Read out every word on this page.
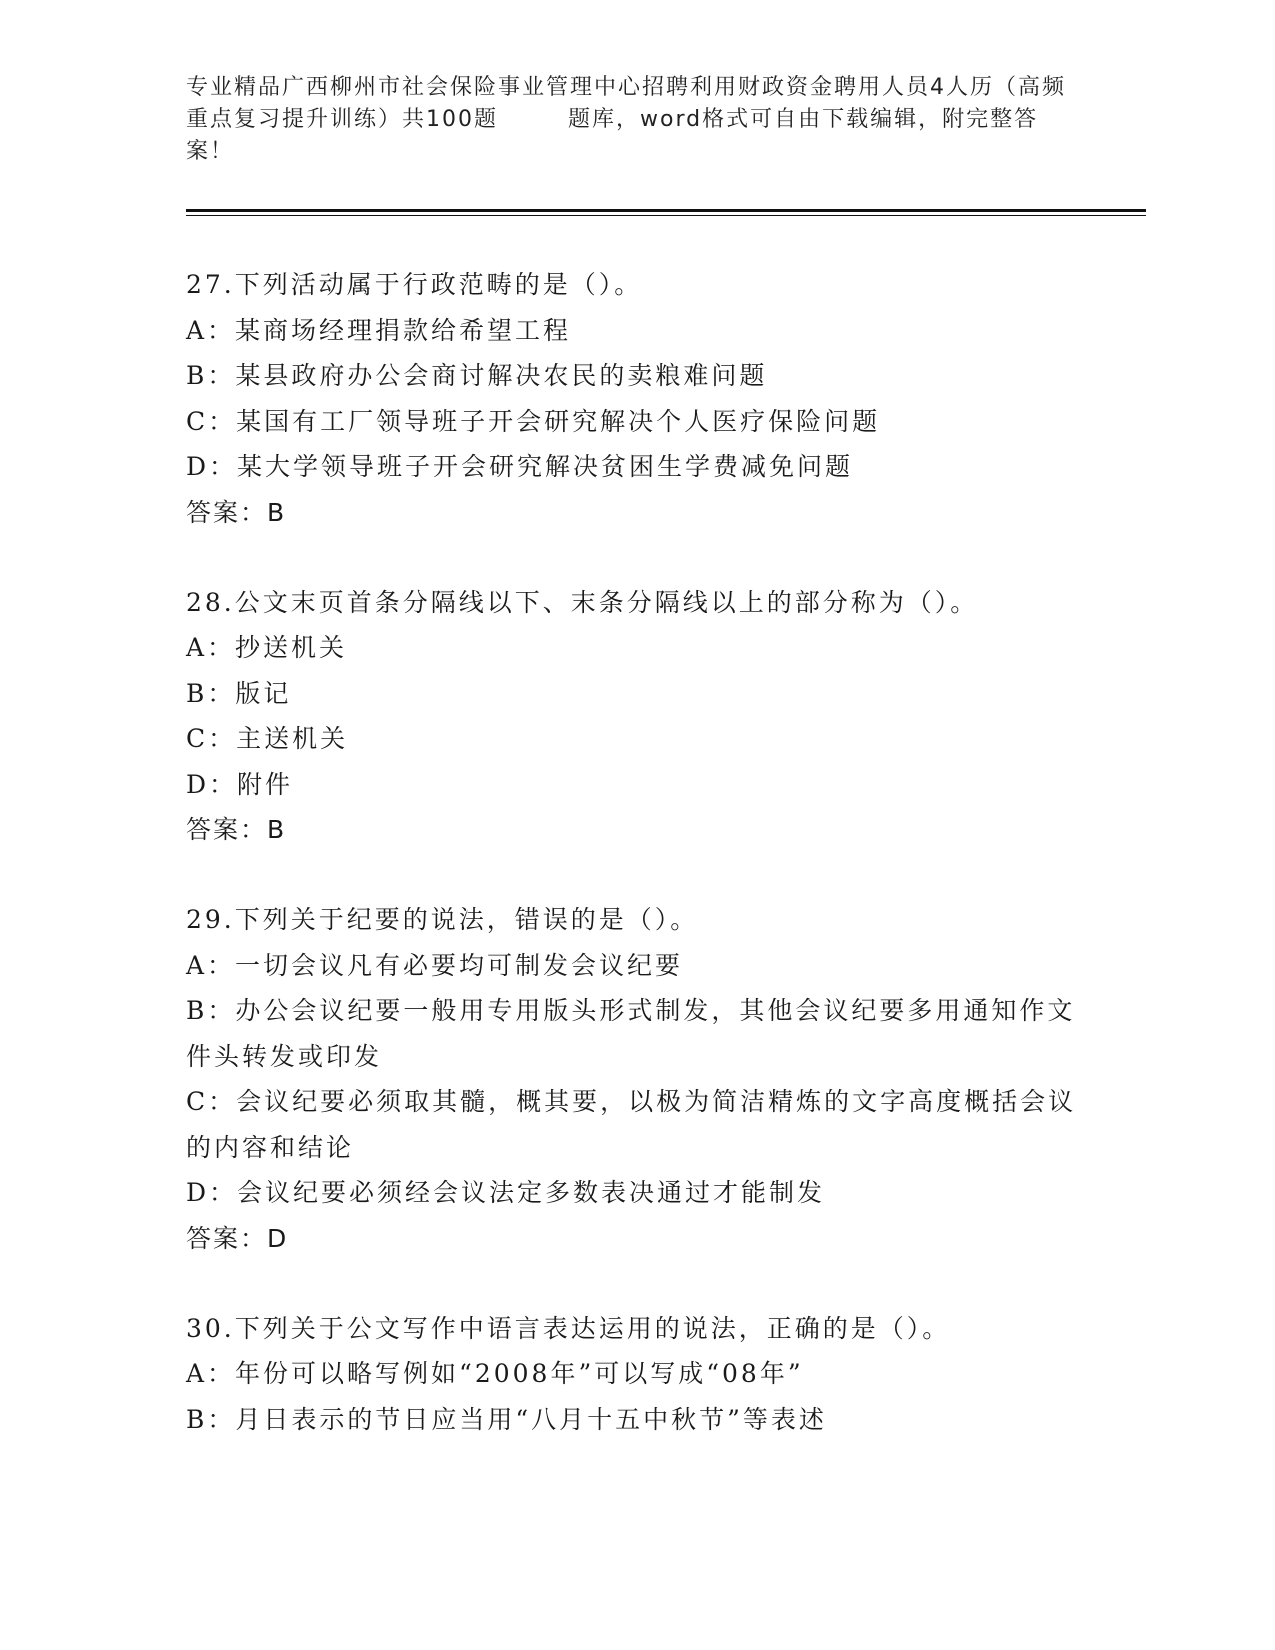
专业精品广西柳州市社会保险事业管理中心招聘利用财政资金聘用人员4人历（高频重点复习提升训练）共100题	题库，word格式可自由下载编辑，附完整答案！
27.下列活动属于行政范畴的是（）。
A：某商场经理捐款给希望工程
B：某县政府办公会商讨解决农民的卖粮难问题
C：某国有工厂领导班子开会研究解决个人医疗保险问题
D：某大学领导班子开会研究解决贫困生学费减免问题
答案：B
28.公文末页首条分隔线以下、末条分隔线以上的部分称为（）。
A：抄送机关
B：版记
C：主送机关
D：附件
答案：B
29.下列关于纪要的说法，错误的是（）。
A：一切会议凡有必要均可制发会议纪要
B：办公会议纪要一般用专用版头形式制发，其他会议纪要多用通知作文件头转发或印发
C：会议纪要必须取其髓，概其要，以极为简洁精炼的文字高度概括会议的内容和结论
D：会议纪要必须经会议法定多数表决通过才能制发
答案：D
30.下列关于公文写作中语言表达运用的说法，正确的是（）。
A：年份可以略写例如“2008年”可以写成“08年”
B：月日表示的节日应当用“八月十五中秋节”等表述
